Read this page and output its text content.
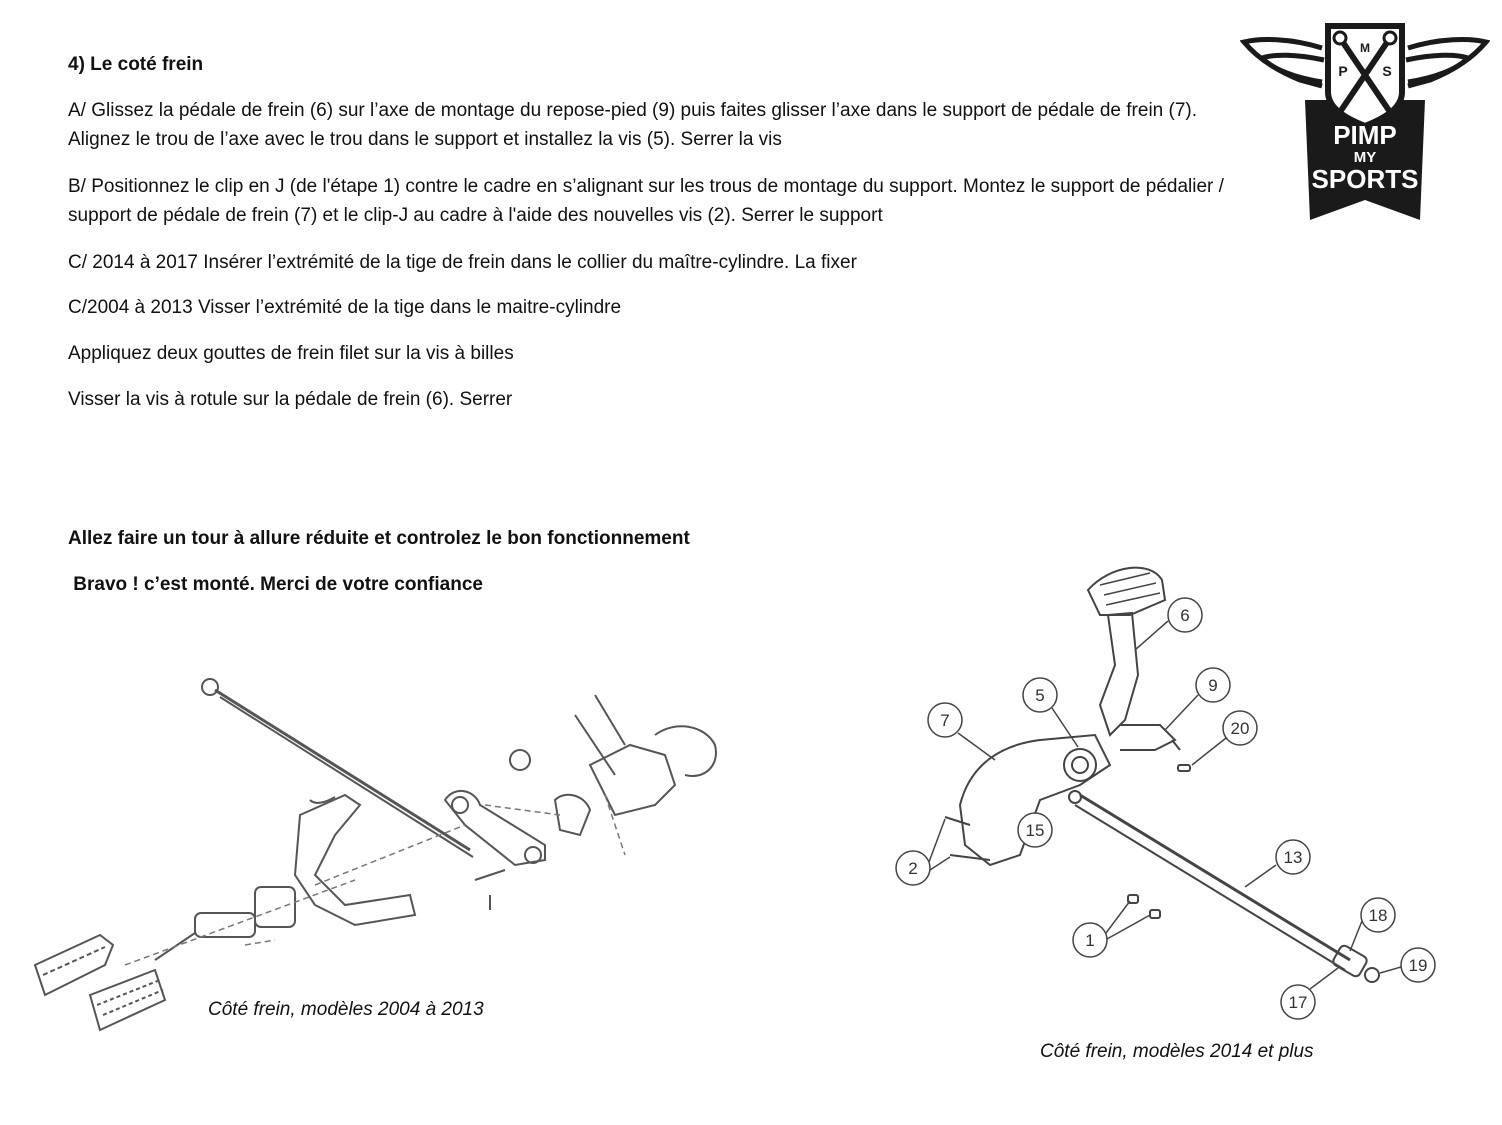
4) Le coté frein

A/ Glissez la pédale de frein (6) sur l’axe de montage du repose-pied (9) puis faites glisser l’axe dans le support de pédale de frein (7). Alignez le trou de l’axe avec le trou dans le support et installez la vis (5). Serrer la vis

B/ Positionnez le clip en J (de l'étape 1) contre le cadre en s’alignant sur les trous de montage du support. Montez le support de pédalier / support de pédale de frein (7) et le clip-J au cadre à l'aide des nouvelles vis (2). Serrer le support

C/ 2014 à 2017 Insérer l’extrémité de la tige de frein dans le collier du maître-cylindre. La fixer

C/2004 à 2013 Visser l’extrémité de la tige dans le maitre-cylindre

Appliquez deux gouttes de frein filet sur la vis à billes

Visser la vis à rotule sur la pédale de frein (6). Serrer

Allez faire un tour à allure réduite et controlez le bon fonctionnement

Bravo ! c’est monté. Merci de votre confiance

M
P S
PIMP
MY
SPORTS
Côté frein, modèles 2004 à 2013
6
9
5
7	20
15
2
13
1
18
19
17
Côté frein, modèles 2014 et plus
